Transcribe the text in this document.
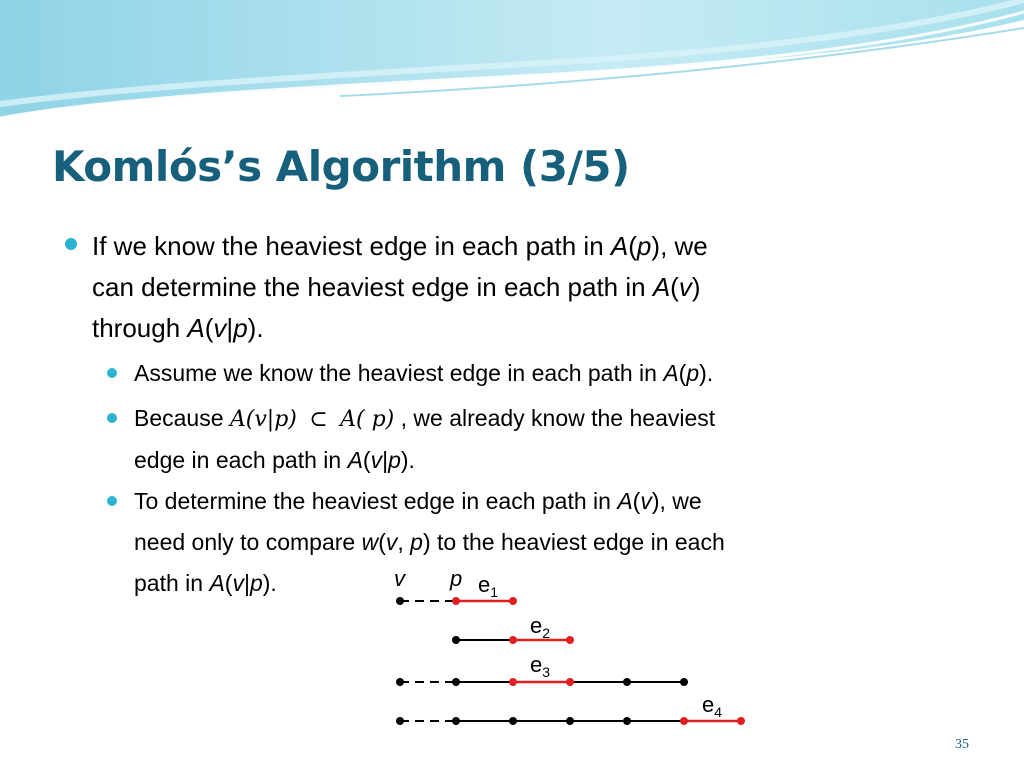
Komlós’s Algorithm (3/5)
If we know the heaviest edge in each path in A(p), we
can determine the heaviest edge in each path in A(v)
through A(v|p).
Assume we know the heaviest edge in each path in A(p).
Because A(v|p) ⊂ A( p) , we already know the heaviest
edge in each path in A(v|p).
To determine the heaviest edge in each path in A(v), we
need only to compare w(v, p) to the heaviest edge in each
path in A(v|p).	v p $e_1$
$e_2$
$e_3$
$e_4$
35
